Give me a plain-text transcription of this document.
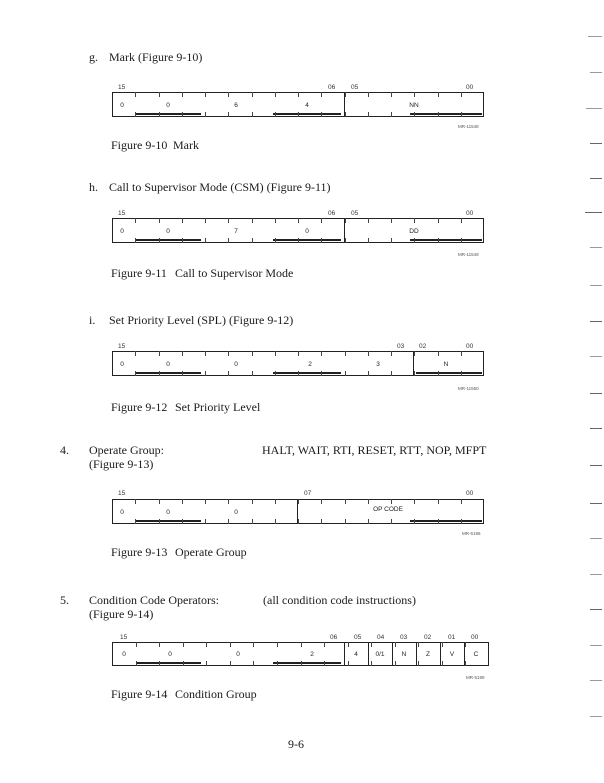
g. Mark (Figure 9-10)
15	06 05	00
0	0	6	4	NN
MR-11548
Figure 9-10 Mark
h. Call to Supervisor Mode (CSM) (Figure 9-11)
15	06 05	00
0	0	7	0	DD
MR-11549
Figure 9-11 Call to Supervisor Mode
i. Set Priority Level (SPL) (Figure 9-12)
15	03 02	00
0	0	0	2	3	N
MR-11550
Figure 9-12 Set Priority Level
4. Operate Group:
(Figure 9-13)
HALT, WAIT, RTI, RESET, RTT, NOP, MFPT
15	07	00
0	0	0	OP CODE
MR-5196
Figure 9-13 Operate Group
5. Condition Code Operators:
(Figure 9-14)
(all condition code instructions)
15	06	05 04 03	02	01 00
0	0	0	2	4	0/1	N	Z	V	C
MR-5199
Figure 9-14 Condition Group
9-6
